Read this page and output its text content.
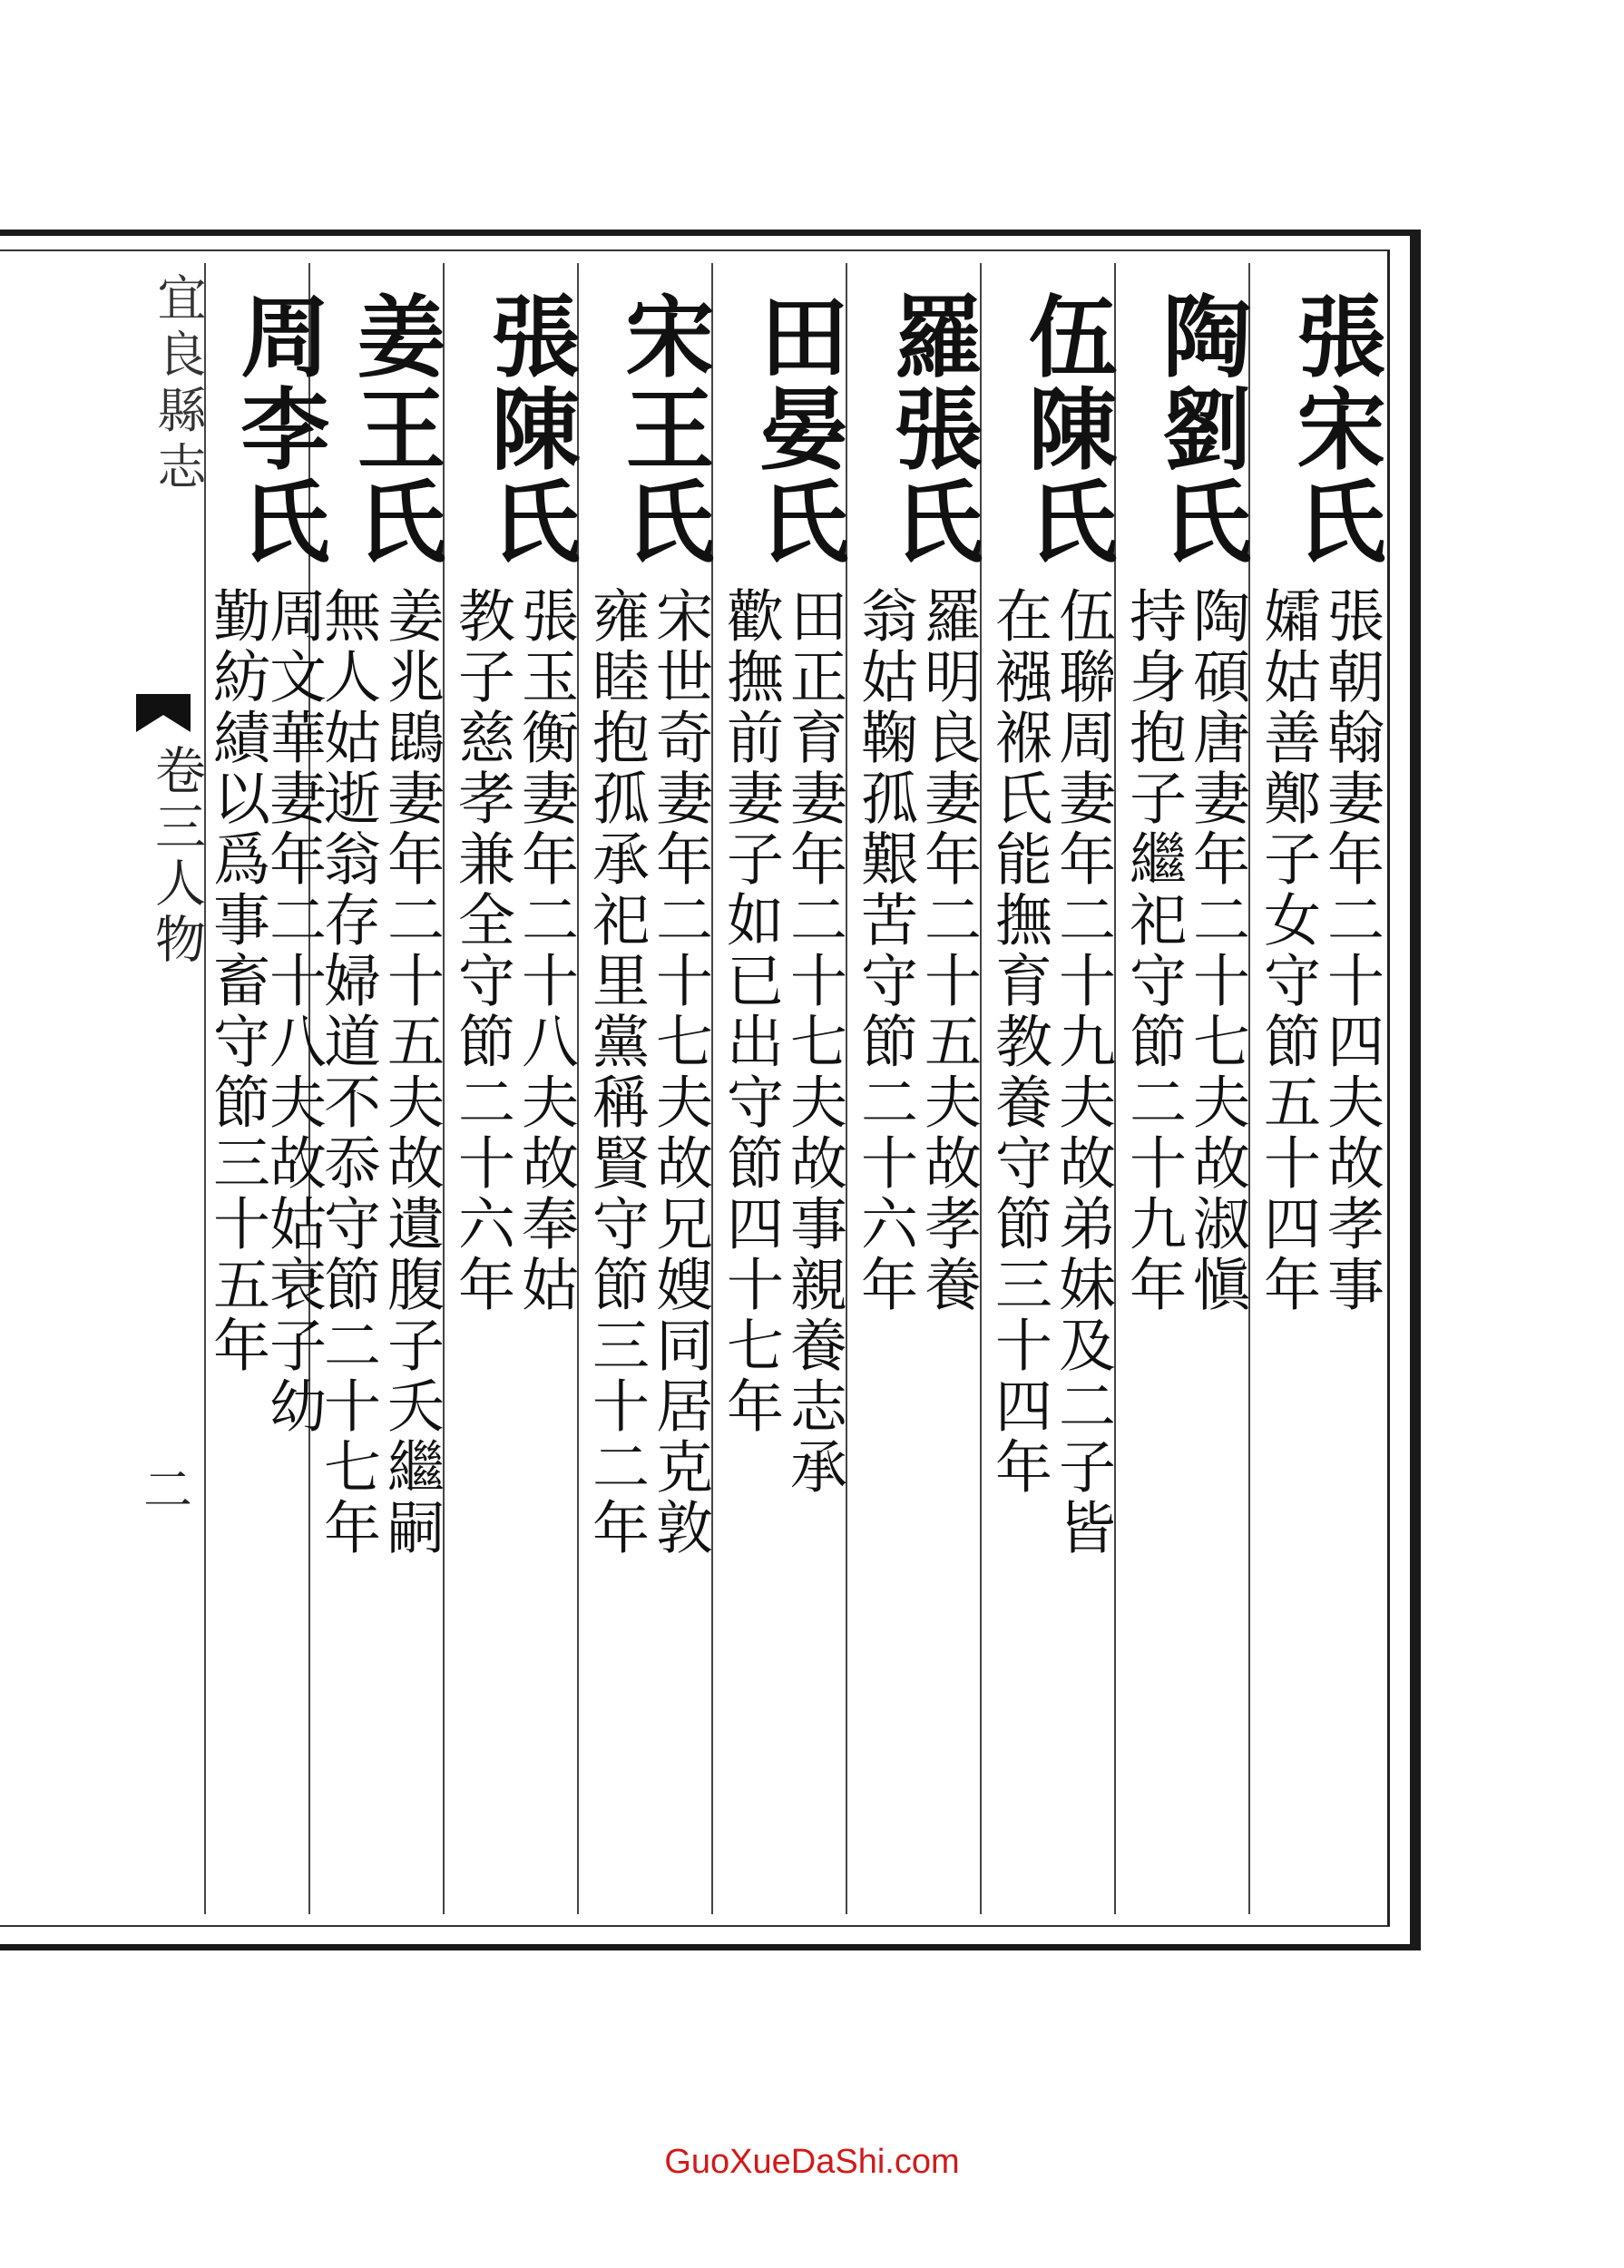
宜良縣志
卷三人物
二

張宋氏

張朝翰妻年二十四夫故孝事

孀姑善鄭子女守節五十四年

陶劉氏

陶碩唐妻年二十七夫故淑愼

持身抱子繼祀守節二十九年

伍陳氏

伍聯周妻年二十九夫故弟妹及二子皆

在襁褓氏能撫育教養守節三十四年

羅張氏

羅明良妻年二十五夫故孝養

翁姑鞠孤艱苦守節二十六年

田晏氏

田正育妻年二十七夫故事親養志承

歡撫前妻子如已出守節四十七年

宋王氏

宋世奇妻年二十七夫故兄嫂同居克敦

雍睦抱孤承祀里黨稱賢守節三十二年

張陳氏

張玉衡妻年二十八夫故奉姑

教子慈孝兼全守節二十六年

姜王氏

姜兆鵾妻年二十五夫故遺腹子夭繼嗣

無人姑逝翁存婦道不忝守節二十七年

周李氏

周文華妻年二十八夫故姑衰子幼

勤紡績以爲事畜守節三十五年

GuoXueDaShi.com
